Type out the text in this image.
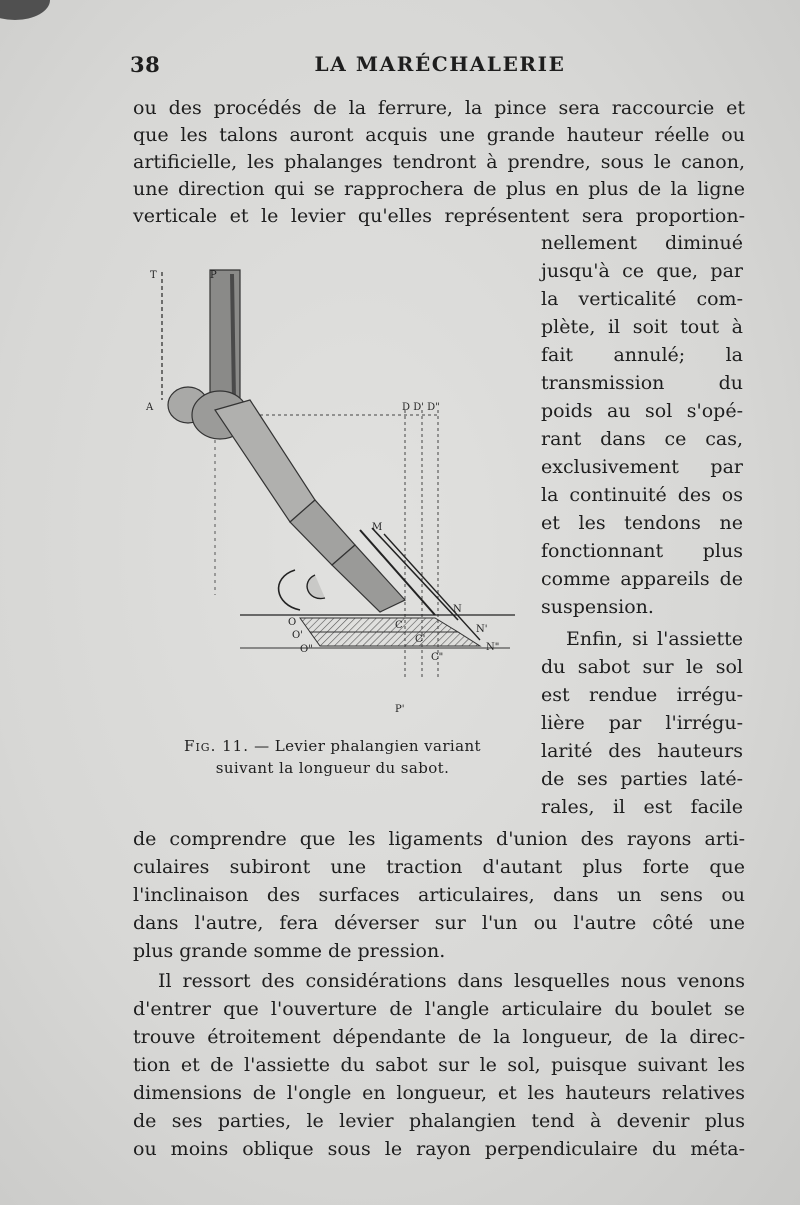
38	LA MARÉCHALERIE
ou des procédés de la ferrure, la pince sera raccourcie et
que les talons auront acquis une grande hauteur réelle ou
artificielle, les phalanges tendront à prendre, sous le canon,
une direction qui se rapprochera de plus en plus de la ligne
verticale et le levier qu'elles représentent sera proportion-
nellement diminué
jusqu'à ce que, par
la verticalité com-
plète, il soit tout à
fait annulé; la
transmission du
poids au sol s'opé-
rant dans ce cas,
exclusivement par
la continuité des os
et les tendons ne
fonctionnant plus
comme appareils de
suspension.
Enfin, si l'assiette
du sabot sur le sol
est rendue irrégu-
lière par l'irrégu-
larité des hauteurs
de ses parties laté-
rales, il est facile
T	P
A	D D' D"
M
N
N'
N"
O
O'
O"
C
C'
C"
P'
Fig. 11. — Levier phalangien variant
suivant la longueur du sabot.
de comprendre que les ligaments d'union des rayons arti-
culaires subiront une traction d'autant plus forte que
l'inclinaison des surfaces articulaires, dans un sens ou
dans l'autre, fera déverser sur l'un ou l'autre côté une
plus grande somme de pression.
Il ressort des considérations dans lesquelles nous venons
d'entrer que l'ouverture de l'angle articulaire du boulet se
trouve étroitement dépendante de la longueur, de la direc-
tion et de l'assiette du sabot sur le sol, puisque suivant les
dimensions de l'ongle en longueur, et les hauteurs relatives
de ses parties, le levier phalangien tend à devenir plus
ou moins oblique sous le rayon perpendiculaire du méta-
